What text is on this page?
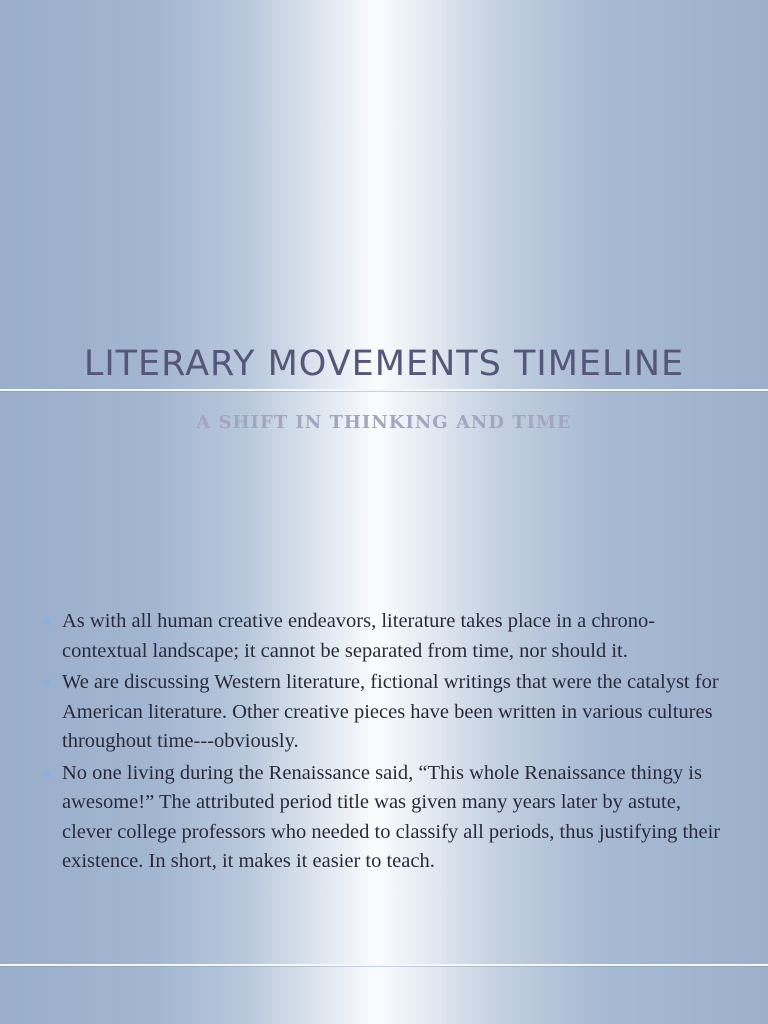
LITERARY MOVEMENTS TIMELINE
A SHIFT IN THINKING AND TIME
As with all human creative endeavors, literature takes place in a chrono-contextual landscape; it cannot be separated from time, nor should it.
We are discussing Western literature, fictional writings that were the catalyst for American literature. Other creative pieces have been written in various cultures throughout time---obviously.
No one living during the Renaissance said, “This whole Renaissance thingy is awesome!” The attributed period title was given many years later by astute, clever college professors who needed to classify all periods, thus justifying their existence. In short, it makes it easier to teach.
